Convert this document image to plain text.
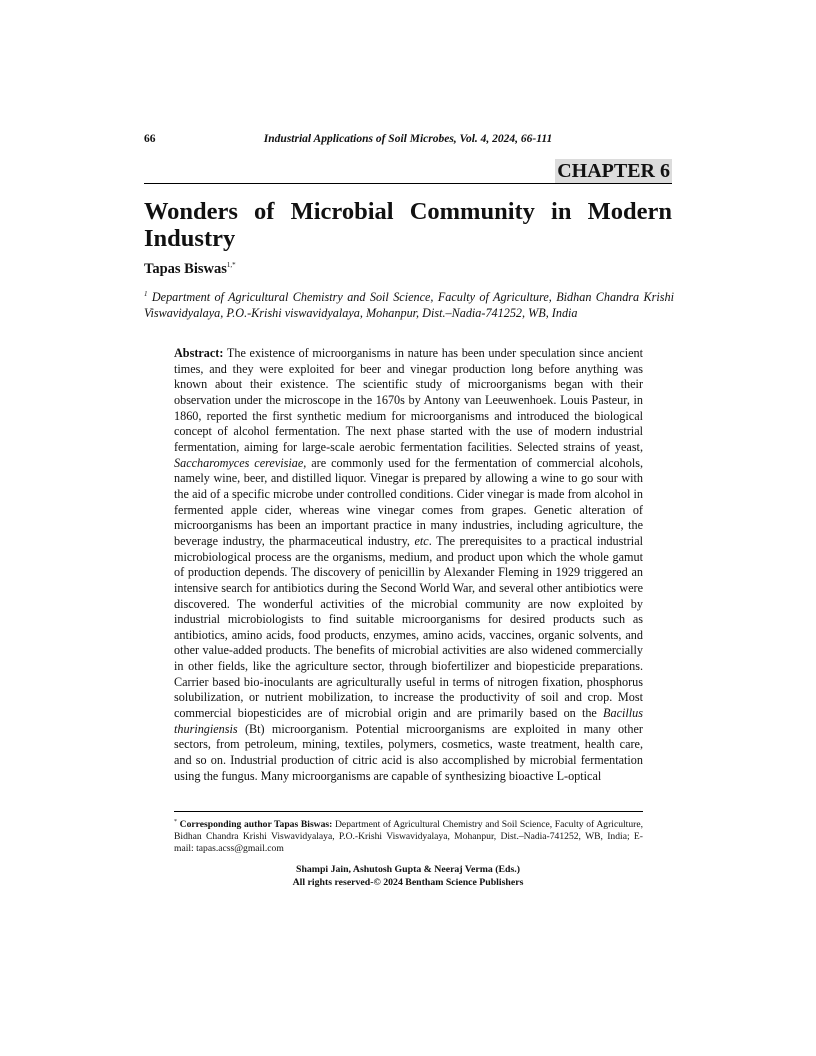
66	Industrial Applications of Soil Microbes, Vol. 4, 2024, 66-111
CHAPTER 6
Wonders of Microbial Community in Modern Industry
Tapas Biswas$^{1,*}$
$^1$ Department of Agricultural Chemistry and Soil Science, Faculty of Agriculture, Bidhan Chandra Krishi Viswavidyalaya, P.O.-Krishi viswavidyalaya, Mohanpur, Dist.–Nadia-741252, WB, India

Abstract: The existence of microorganisms in nature has been under speculation since ancient times, and they were exploited for beer and vinegar production long before anything was known about their existence. The scientific study of microorganisms began with their observation under the microscope in the 1670s by Antony van Leeuwenhoek. Louis Pasteur, in 1860, reported the first synthetic medium for microorganisms and introduced the biological concept of alcohol fermentation. The next phase started with the use of modern industrial fermentation, aiming for large-scale aerobic fermentation facilities. Selected strains of yeast, Saccharomyces cerevisiae, are commonly used for the fermentation of commercial alcohols, namely wine, beer, and distilled liquor. Vinegar is prepared by allowing a wine to go sour with the aid of a specific microbe under controlled conditions. Cider vinegar is made from alcohol in fermented apple cider, whereas wine vinegar comes from grapes. Genetic alteration of microorganisms has been an important practice in many industries, including agriculture, the beverage industry, the pharmaceutical industry, etc. The prerequisites to a practical industrial microbiological process are the organisms, medium, and product upon which the whole gamut of production depends. The discovery of penicillin by Alexander Fleming in 1929 triggered an intensive search for antibiotics during the Second World War, and several other antibiotics were discovered. The wonderful activities of the microbial community are now exploited by industrial microbiologists to find suitable microorganisms for desired products such as antibiotics, amino acids, food products, enzymes, amino acids, vaccines, organic solvents, and other value-added products. The benefits of microbial activities are also widened commercially in other fields, like the agriculture sector, through biofertilizer and biopesticide preparations. Carrier based bio-inoculants are agriculturally useful in terms of nitrogen fixation, phosphorus solubilization, or nutrient mobilization, to increase the productivity of soil and crop. Most commercial biopesticides are of microbial origin and are primarily based on the Bacillus thuringiensis (Bt) microorganism. Potential microorganisms are exploited in many other sectors, from petroleum, mining, textiles, polymers, cosmetics, waste treatment, health care, and so on. Industrial production of citric acid is also accomplished by microbial fermentation using the fungus. Many microorganisms are capable of synthesizing bioactive L-optical

* Corresponding author Tapas Biswas: Department of Agricultural Chemistry and Soil Science, Faculty of Agriculture, Bidhan Chandra Krishi Viswavidyalaya, P.O.-Krishi Viswavidyalaya, Mohanpur, Dist.–Nadia-741252, WB, India; E-mail: tapas.acss@gmail.com
Shampi Jain, Ashutosh Gupta & Neeraj Verma (Eds.)
All rights reserved-© 2024 Bentham Science Publishers
